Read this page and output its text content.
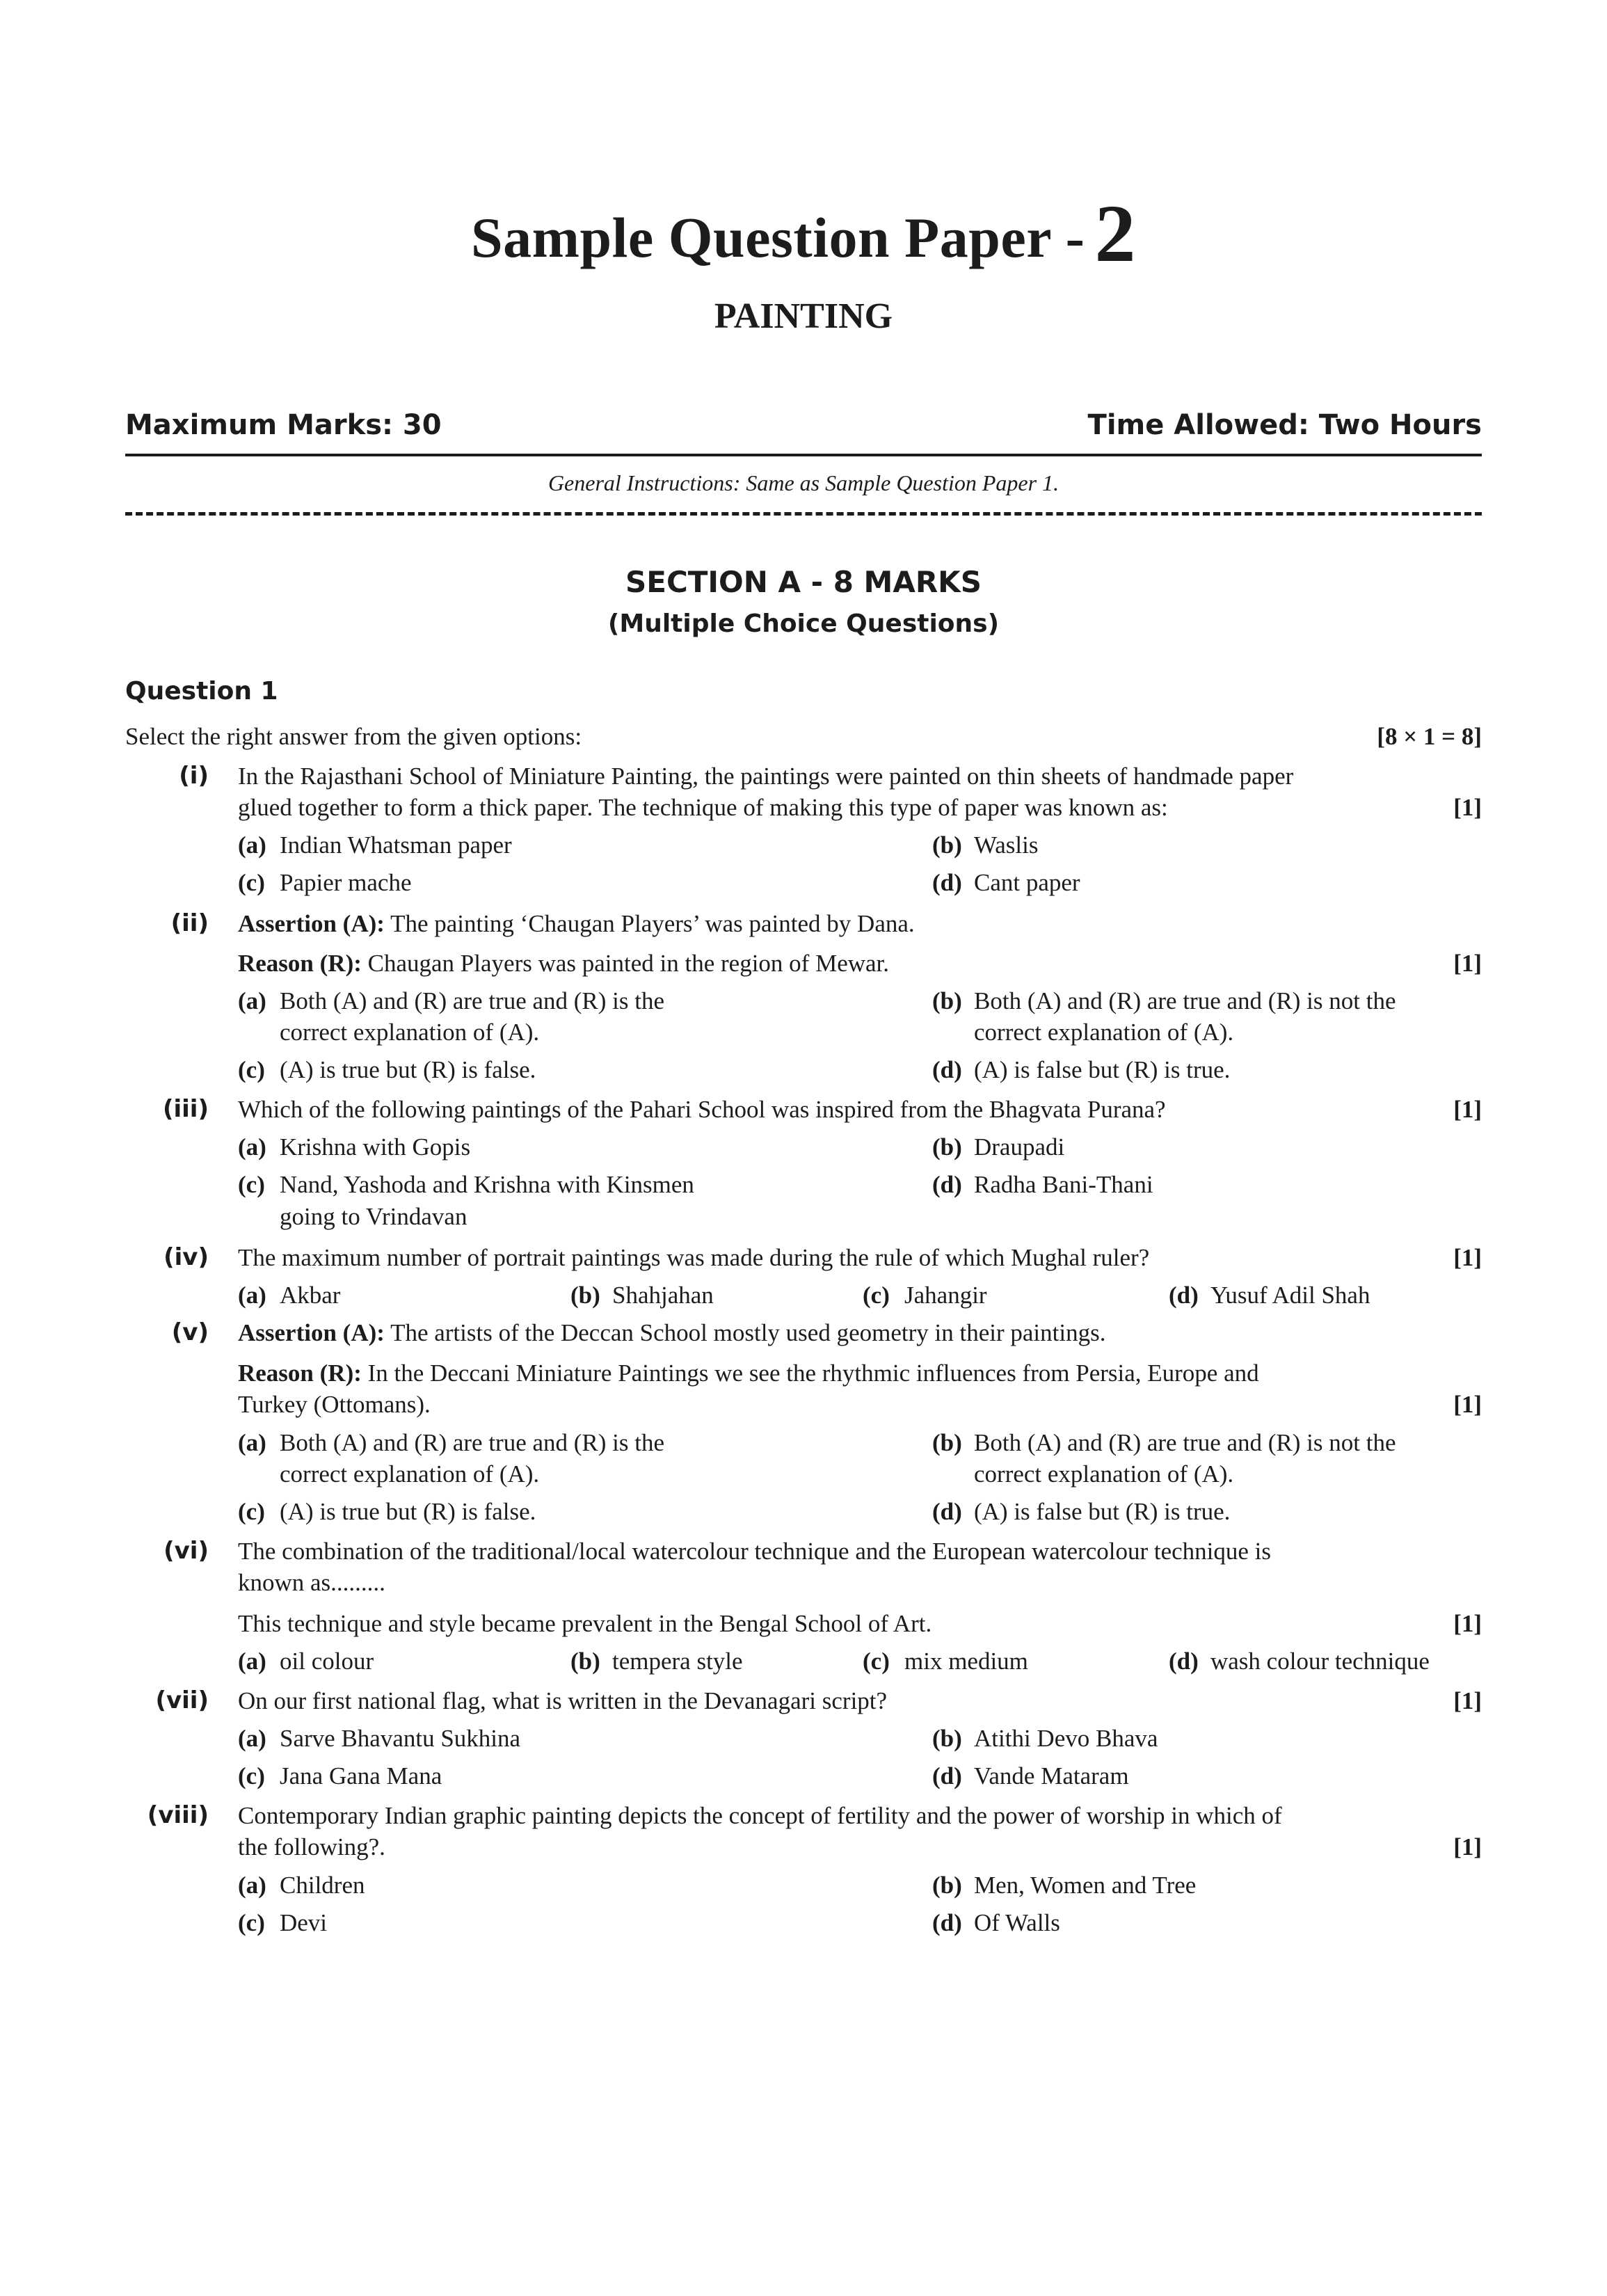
Sample Question Paper - 2
PAINTING
Maximum Marks: 30	Time Allowed: Two Hours
General Instructions: Same as Sample Question Paper 1.
SECTION A - 8 MARKS
(Multiple Choice Questions)
Question 1
Select the right answer from the given options:	[8 × 1 = 8]
(i) In the Rajasthani School of Miniature Painting, the paintings were painted on thin sheets of handmade paper
glued together to form a thick paper. The technique of making this type of paper was known as:	[1]
(a) Indian Whatsman paper	(b) Waslis
(c) Papier mache	(d) Cant paper
(ii) Assertion (A): The painting ‘Chaugan Players’ was painted by Dana.
Reason (R): Chaugan Players was painted in the region of Mewar.	[1]
(a) Both (A) and (R) are true and (R) is the	(b) Both (A) and (R) are true and (R) is not the
correct explanation of (A).	correct explanation of (A).
(c) (A) is true but (R) is false.	(d) (A) is false but (R) is true.
(iii) Which of the following paintings of the Pahari School was inspired from the Bhagvata Purana?	[1]
(a) Krishna with Gopis	(b) Draupadi
(c) Nand, Yashoda and Krishna with Kinsmen	(d) Radha Bani-Thani
going to Vrindavan
(iv) The maximum number of portrait paintings was made during the rule of which Mughal ruler?	[1]
(a) Akbar	(b) Shahjahan	(c) Jahangir	(d) Yusuf Adil Shah
(v) Assertion (A): The artists of the Deccan School mostly used geometry in their paintings.
Reason (R): In the Deccani Miniature Paintings we see the rhythmic influences from Persia, Europe and
Turkey (Ottomans).	[1]
(a) Both (A) and (R) are true and (R) is the	(b) Both (A) and (R) are true and (R) is not the
correct explanation of (A).	correct explanation of (A).
(c) (A) is true but (R) is false.	(d) (A) is false but (R) is true.
(vi) The combination of the traditional/local watercolour technique and the European watercolour technique is
known as.........
This technique and style became prevalent in the Bengal School of Art.	[1]
(a) oil colour	(b) tempera style	(c) mix medium	(d) wash colour technique
(vii) On our first national flag, what is written in the Devanagari script?	[1]
(a) Sarve Bhavantu Sukhina	(b) Atithi Devo Bhava
(c) Jana Gana Mana	(d) Vande Mataram
(viii) Contemporary Indian graphic painting depicts the concept of fertility and the power of worship in which of
the following?.	[1]
(a) Children	(b) Men, Women and Tree
(c) Devi	(d) Of Walls
